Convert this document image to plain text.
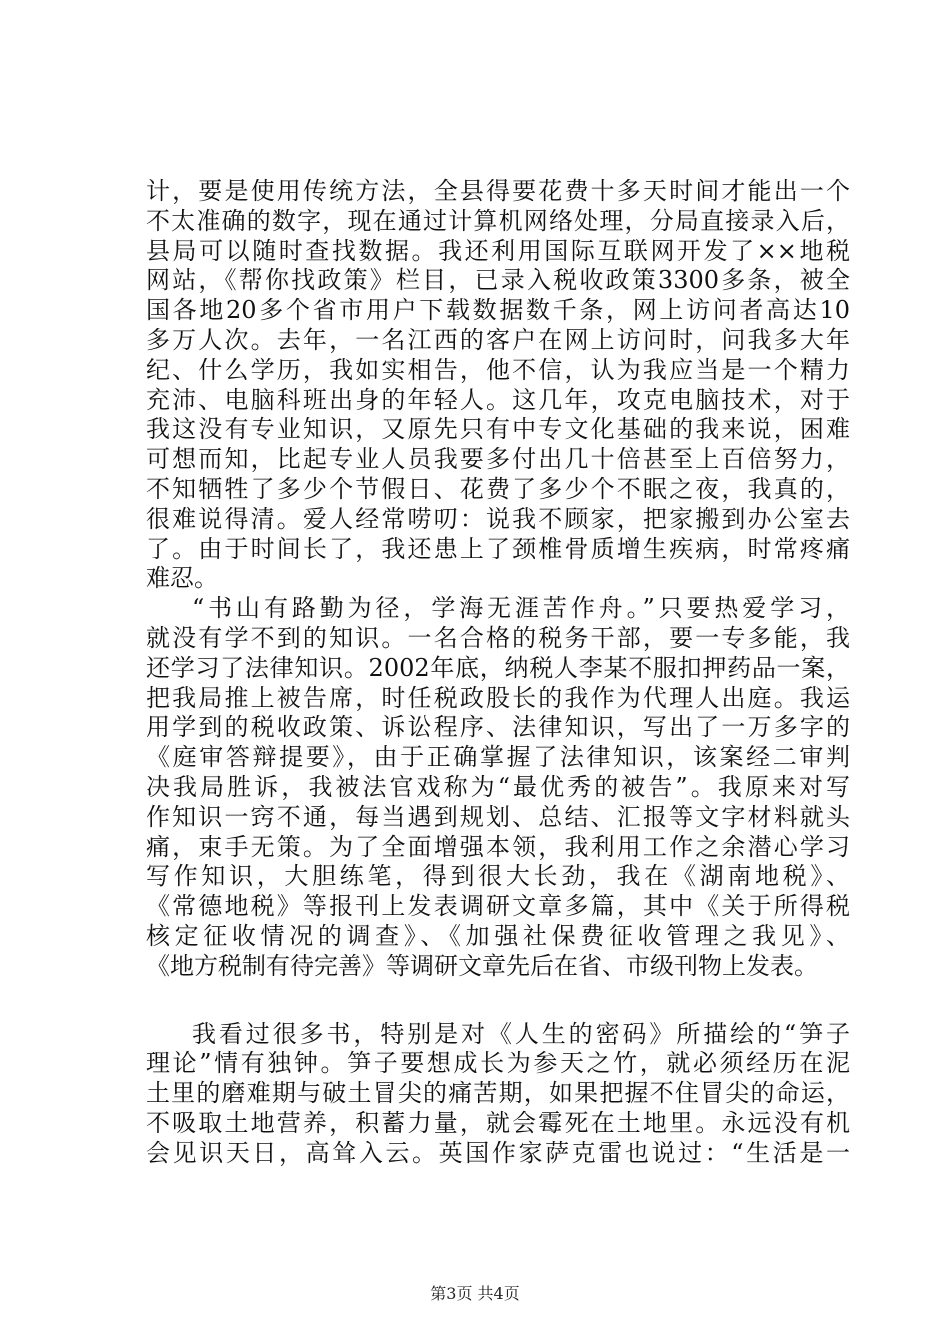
计，要是使用传统方法，全县得要花费十多天时间才能出一个
不太准确的数字，现在通过计算机网络处理，分局直接录入后，
县局可以随时查找数据。我还利用国际互联网开发了××地税
网站，《帮你找政策》栏目，已录入税收政策3300多条，被全
国各地20多个省市用户下载数据数千条，网上访问者高达10
多万人次。去年，一名江西的客户在网上访问时，问我多大年
纪、什么学历，我如实相告，他不信，认为我应当是一个精力
充沛、电脑科班出身的年轻人。这几年，攻克电脑技术，对于
我这没有专业知识，又原先只有中专文化基础的我来说，困难
可想而知，比起专业人员我要多付出几十倍甚至上百倍努力，
不知牺牲了多少个节假日、花费了多少个不眠之夜，我真的，
很难说得清。爱人经常唠叨：说我不顾家，把家搬到办公室去
了。由于时间长了，我还患上了颈椎骨质增生疾病，时常疼痛
难忍。
“书山有路勤为径，学海无涯苦作舟。”只要热爱学习，
就没有学不到的知识。一名合格的税务干部，要一专多能，我
还学习了法律知识。2002年底，纳税人李某不服扣押药品一案，
把我局推上被告席，时任税政股长的我作为代理人出庭。我运
用学到的税收政策、诉讼程序、法律知识，写出了一万多字的
《庭审答辩提要》，由于正确掌握了法律知识，该案经二审判
决我局胜诉，我被法官戏称为“最优秀的被告”。我原来对写
作知识一窍不通，每当遇到规划、总结、汇报等文字材料就头
痛，束手无策。为了全面增强本领，我利用工作之余潜心学习
写作知识，大胆练笔，得到很大长劲，我在《湖南地税》、
《常德地税》等报刊上发表调研文章多篇，其中《关于所得税
核定征收情况的调查》、《加强社保费征收管理之我见》、
《地方税制有待完善》等调研文章先后在省、市级刊物上发表。
我看过很多书，特别是对《人生的密码》所描绘的“笋子
理论”情有独钟。笋子要想成长为参天之竹，就必须经历在泥
土里的磨难期与破土冒尖的痛苦期，如果把握不住冒尖的命运，
不吸取土地营养，积蓄力量，就会霉死在土地里。永远没有机
会见识天日，高耸入云。英国作家萨克雷也说过：“生活是一
第3页 共4页
